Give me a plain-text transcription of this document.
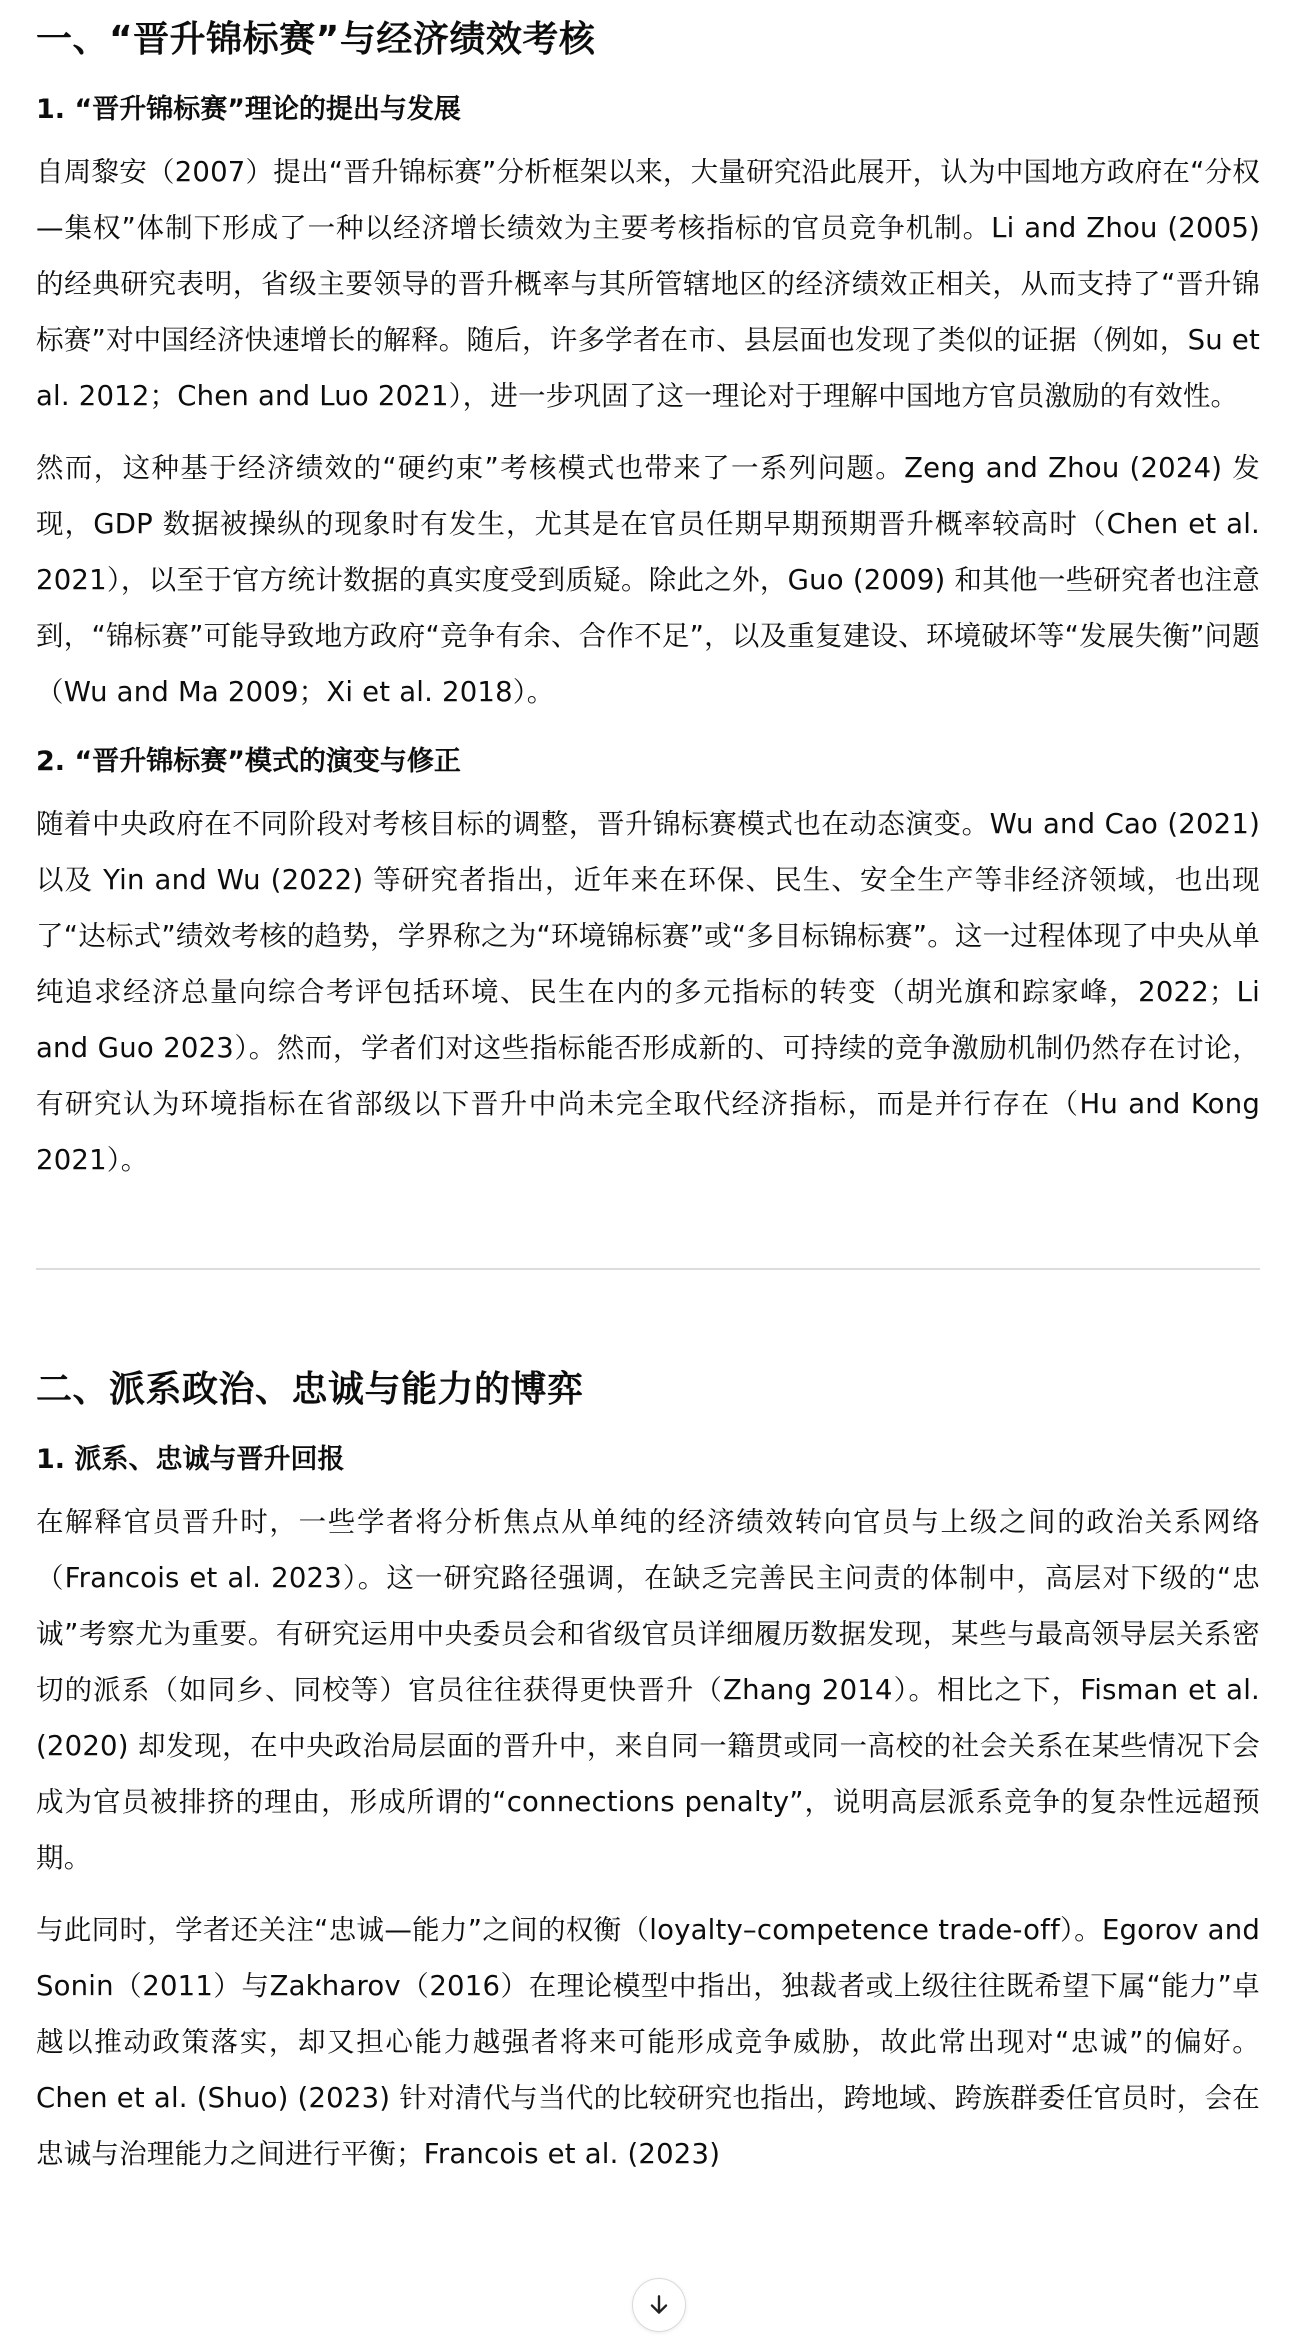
一、“晋升锦标赛”与经济绩效考核
1. “晋升锦标赛”理论的提出与发展

自周黎安（2007）提出“晋升锦标赛”分析框架以来，大量研究沿此展开，认为中国地方政府在“分权—集权”体制下形成了一种以经济增长绩效为主要考核指标的官员竞争机制。Li and Zhou (2005) 的经典研究表明，省级主要领导的晋升概率与其所管辖地区的经济绩效正相关，从而支持了“晋升锦标赛”对中国经济快速增长的解释。随后，许多学者在市、县层面也发现了类似的证据（例如，Su et al. 2012；Chen and Luo 2021），进一步巩固了这一理论对于理解中国地方官员激励的有效性。

然而，这种基于经济绩效的“硬约束”考核模式也带来了一系列问题。Zeng and Zhou (2024) 发现，GDP 数据被操纵的现象时有发生，尤其是在官员任期早期预期晋升概率较高时（Chen et al. 2021），以至于官方统计数据的真实度受到质疑。除此之外，Guo (2009) 和其他一些研究者也注意到，“锦标赛”可能导致地方政府“竞争有余、合作不足”，以及重复建设、环境破坏等“发展失衡”问题（Wu and Ma 2009；Xi et al. 2018）。

2. “晋升锦标赛”模式的演变与修正

随着中央政府在不同阶段对考核目标的调整，晋升锦标赛模式也在动态演变。Wu and Cao (2021) 以及 Yin and Wu (2022) 等研究者指出，近年来在环保、民生、安全生产等非经济领域，也出现了“达标式”绩效考核的趋势，学界称之为“环境锦标赛”或“多目标锦标赛”。这一过程体现了中央从单纯追求经济总量向综合考评包括环境、民生在内的多元指标的转变（胡光旗和踪家峰，2022；Li and Guo 2023）。然而，学者们对这些指标能否形成新的、可持续的竞争激励机制仍然存在讨论，有研究认为环境指标在省部级以下晋升中尚未完全取代经济指标，而是并行存在（Hu and Kong 2021）。

二、派系政治、忠诚与能力的博弈
1. 派系、忠诚与晋升回报

在解释官员晋升时，一些学者将分析焦点从单纯的经济绩效转向官员与上级之间的政治关系网络（Francois et al. 2023）。这一研究路径强调，在缺乏完善民主问责的体制中，高层对下级的“忠诚”考察尤为重要。有研究运用中央委员会和省级官员详细履历数据发现，某些与最高领导层关系密切的派系（如同乡、同校等）官员往往获得更快晋升（Zhang 2014）。相比之下，Fisman et al. (2020) 却发现，在中央政治局层面的晋升中，来自同一籍贯或同一高校的社会关系在某些情况下会成为官员被排挤的理由，形成所谓的“connections penalty”，说明高层派系竞争的复杂性远超预期。

与此同时，学者还关注“忠诚—能力”之间的权衡（loyalty–competence trade-off）。Egorov and Sonin（2011）与Zakharov（2016）在理论模型中指出，独裁者或上级往往既希望下属“能力”卓越以推动政策落实，却又担心能力越强者将来可能形成竞争威胁，故此常出现对“忠诚”的偏好。Chen et al. (Shuo) (2023) 针对清代与当代的比较研究也指出，跨地域、跨族群委任官员时，会在忠诚与治理能力之间进行平衡；Francois et al. (2023)
